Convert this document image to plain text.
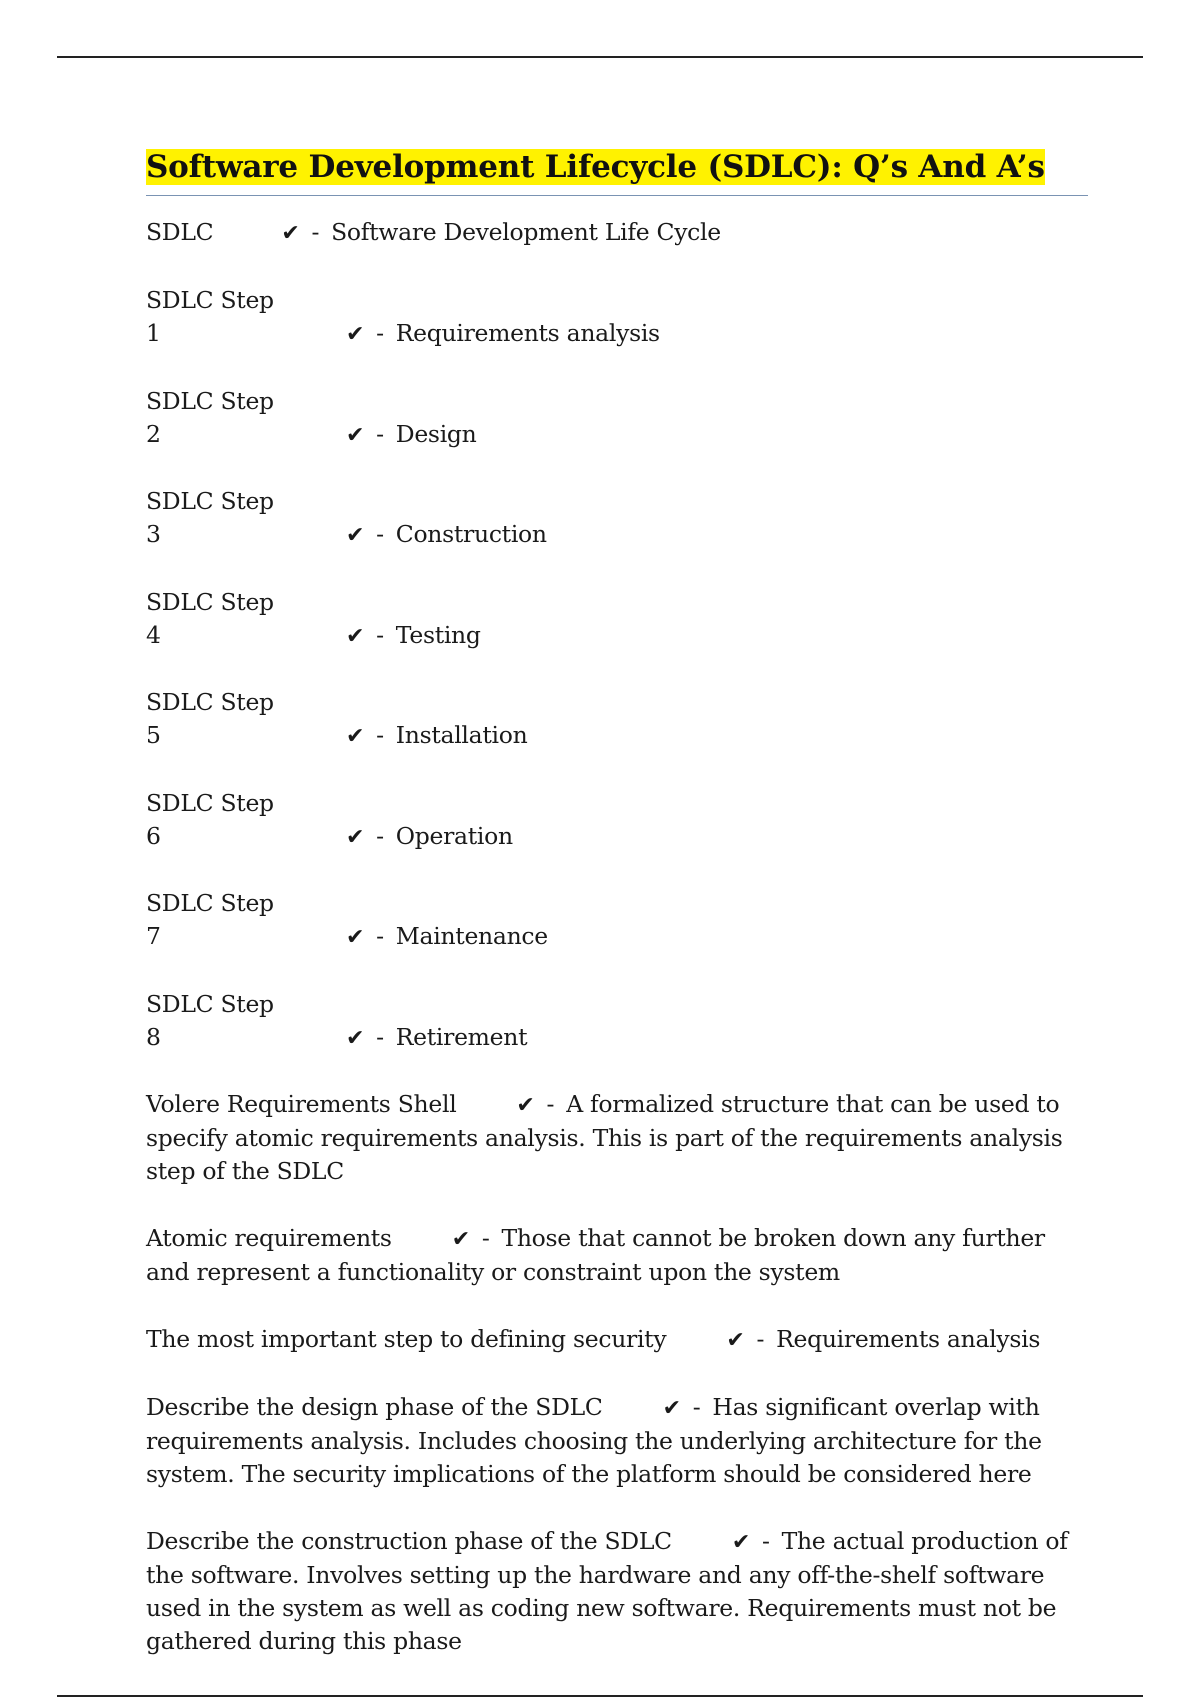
Software Development Lifecycle (SDLC): Q’s And A’s
SDLC	✔ - Software Development Life Cycle
SDLC Step 1	✔ - Requirements analysis
SDLC Step 2	✔ - Design
SDLC Step 3	✔ - Construction
SDLC Step 4	✔ - Testing
SDLC Step 5	✔ - Installation
SDLC Step 6	✔ - Operation
SDLC Step 7	✔ - Maintenance
SDLC Step 8	✔ - Retirement
Volere Requirements Shell	✔ - A formalized structure that can be used to specify atomic requirements analysis. This is part of the requirements analysis step of the SDLC
Atomic requirements	✔ - Those that cannot be broken down any further and represent a functionality or constraint upon the system
The most important step to defining security	✔ - Requirements analysis
Describe the design phase of the SDLC	✔ - Has significant overlap with requirements analysis. Includes choosing the underlying architecture for the system. The security implications of the platform should be considered here
Describe the construction phase of the SDLC	✔ - The actual production of the software. Involves setting up the hardware and any off-the-shelf software used in the system as well as coding new software. Requirements must not be gathered during this phase
